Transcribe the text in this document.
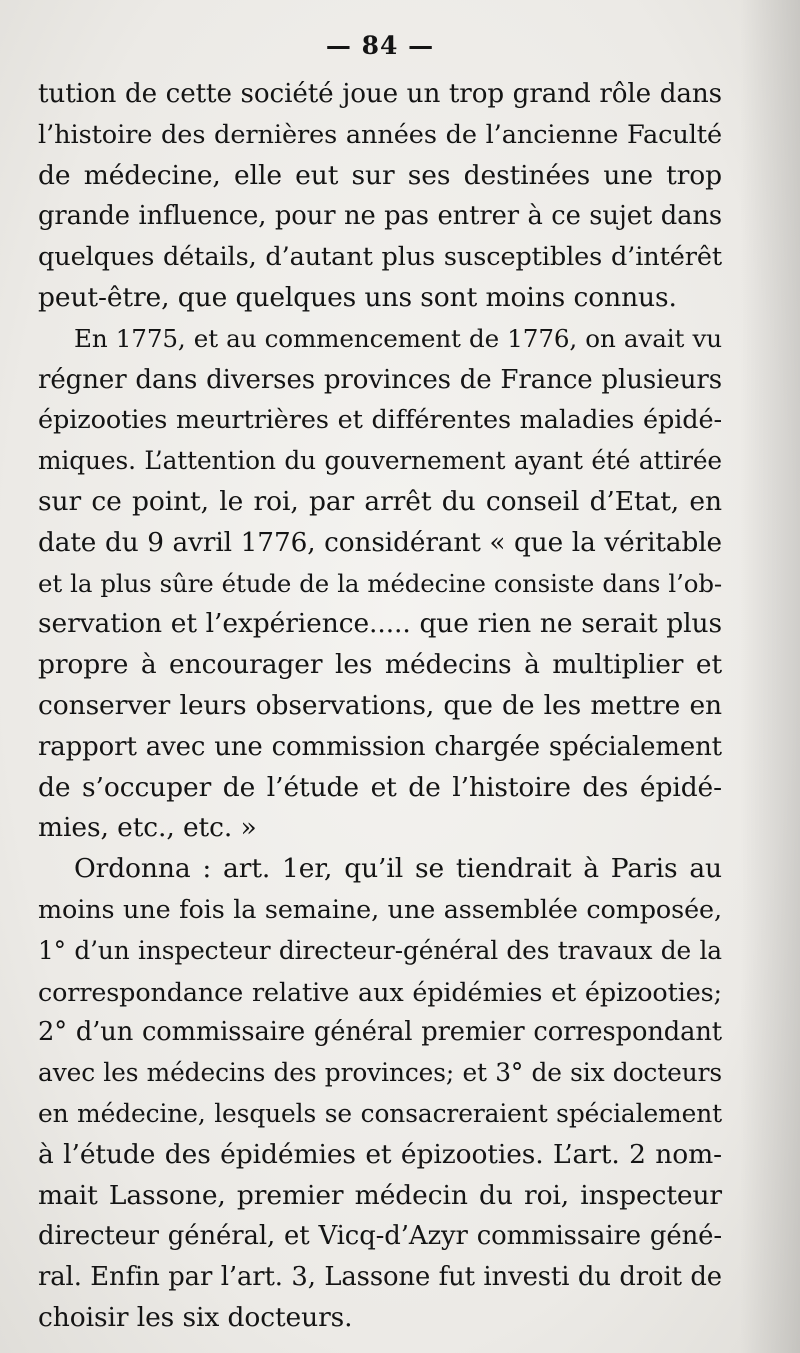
— 84 —
tution de cette société joue un trop grand rôle dans
l’histoire des dernières années de l’ancienne Faculté
de médecine, elle eut sur ses destinées une trop
grande influence, pour ne pas entrer à ce sujet dans
quelques détails, d’autant plus susceptibles d’intérêt
peut-être, que quelques uns sont moins connus.
En 1775, et au commencement de 1776, on avait vu
régner dans diverses provinces de France plusieurs
épizooties meurtrières et différentes maladies épidé-
miques. L’attention du gouvernement ayant été attirée
sur ce point, le roi, par arrêt du conseil d’Etat, en
date du 9 avril 1776, considérant « que la véritable
et la plus sûre étude de la médecine consiste dans l’ob-
servation et l’expérience..... que rien ne serait plus
propre à encourager les médecins à multiplier et
conserver leurs observations, que de les mettre en
rapport avec une commission chargée spécialement
de s’occuper de l’étude et de l’histoire des épidé-
mies, etc., etc. »
Ordonna : art. 1er, qu’il se tiendrait à Paris au
moins une fois la semaine, une assemblée composée,
1° d’un inspecteur directeur-général des travaux de la
correspondance relative aux épidémies et épizooties;
2° d’un commissaire général premier correspondant
avec les médecins des provinces; et 3° de six docteurs
en médecine, lesquels se consacreraient spécialement
à l’étude des épidémies et épizooties. L’art. 2 nom-
mait Lassone, premier médecin du roi, inspecteur
directeur général, et Vicq-d’Azyr commissaire géné-
ral. Enfin par l’art. 3, Lassone fut investi du droit de
choisir les six docteurs.
